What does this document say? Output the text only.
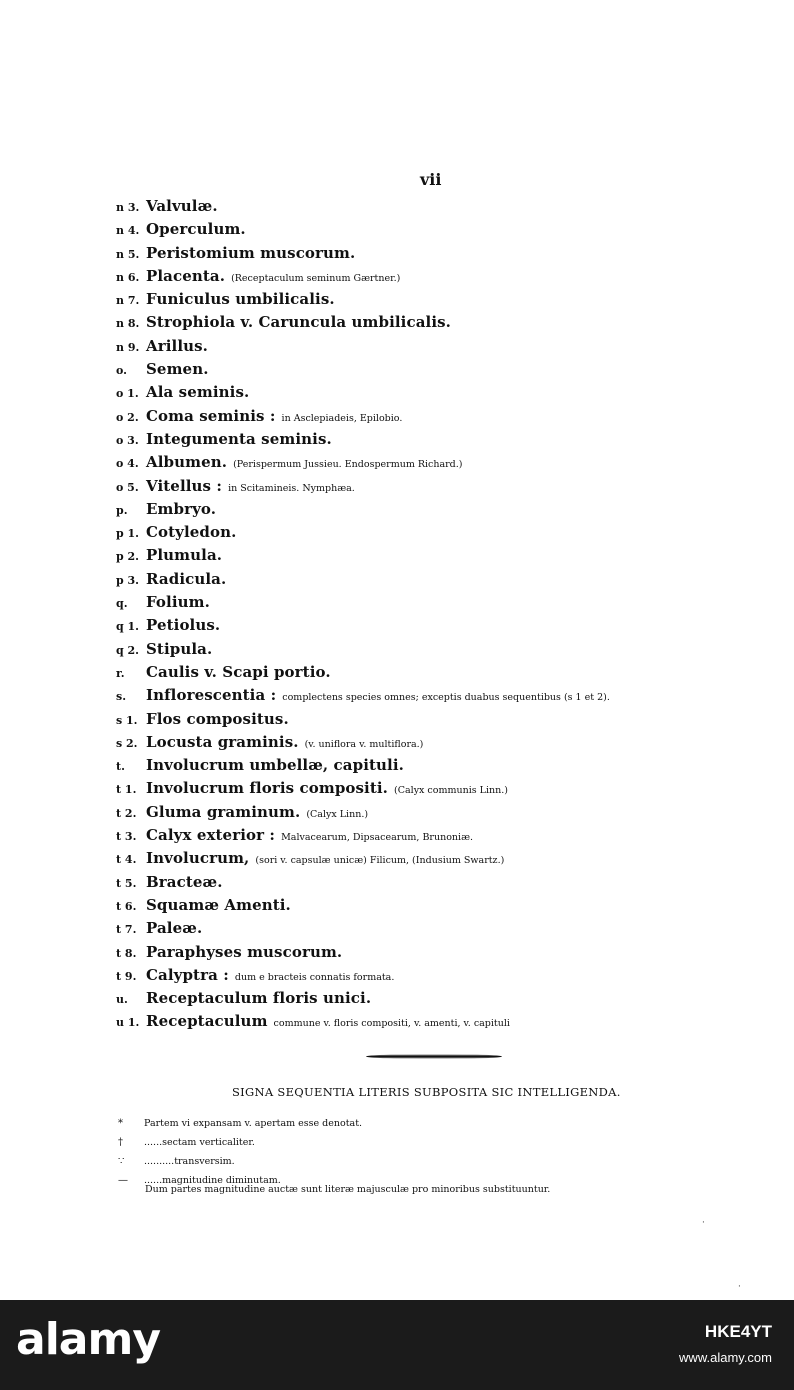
vii
n 3. Valvulæ.
n 4. Operculum.
n 5. Peristomium muscorum.
n 6. Placenta. (Receptaculum seminum Gærtner.)
n 7. Funiculus umbilicalis.
n 8. Strophiola v. Caruncula umbilicalis.
n 9. Arillus.
o.	Semen.
o 1. Ala seminis.
o 2. Coma seminis : in Asclepiadeis, Epilobio.
o 3. Integumenta seminis.
o 4. Albumen. (Perispermum Jussieu. Endospermum Richard.)
o 5. Vitellus : in Scitamineis. Nymphæa.
p.	Embryo.
p 1. Cotyledon.
p 2. Plumula.
p 3. Radicula.
q.	Folium.
q 1. Petiolus.
q 2. Stipula.
r.	Caulis v. Scapi portio.
s.	Inflorescentia : complectens species omnes; exceptis duabus sequentibus (s 1 et 2).
s 1. Flos compositus.
s 2. Locusta graminis. (v. uniflora v. multiflora.)
t.	Involucrum umbellæ, capituli.
t 1. Involucrum floris compositi. (Calyx communis Linn.)
t 2. Gluma graminum. (Calyx Linn.)
t 3. Calyx exterior : Malvacearum, Dipsacearum, Brunoniæ.
t 4. Involucrum, (sori v. capsulæ unicæ) Filicum, (Indusium Swartz.)
t 5. Bracteæ.
t 6. Squamæ Amenti.
t 7. Paleæ.
t 8. Paraphyses muscorum.
t 9. Calyptra : dum e bracteis connatis formata.
u.	Receptaculum floris unici.
u 1. Receptaculum commune v. floris compositi, v. amenti, v. capituli
SIGNA SEQUENTIA LITERIS SUBPOSITA SIC INTELLIGENDA.
*	Partem vi expansam v. apertam esse denotat.
†	......sectam verticaliter.
∵	..........transversim.
—	......magnitudine diminutam.
Dum partes magnitudine auctæ sunt literæ majusculæ pro minoribus substituuntur.
·
·
alamy	HKE4YT
www.alamy.com
